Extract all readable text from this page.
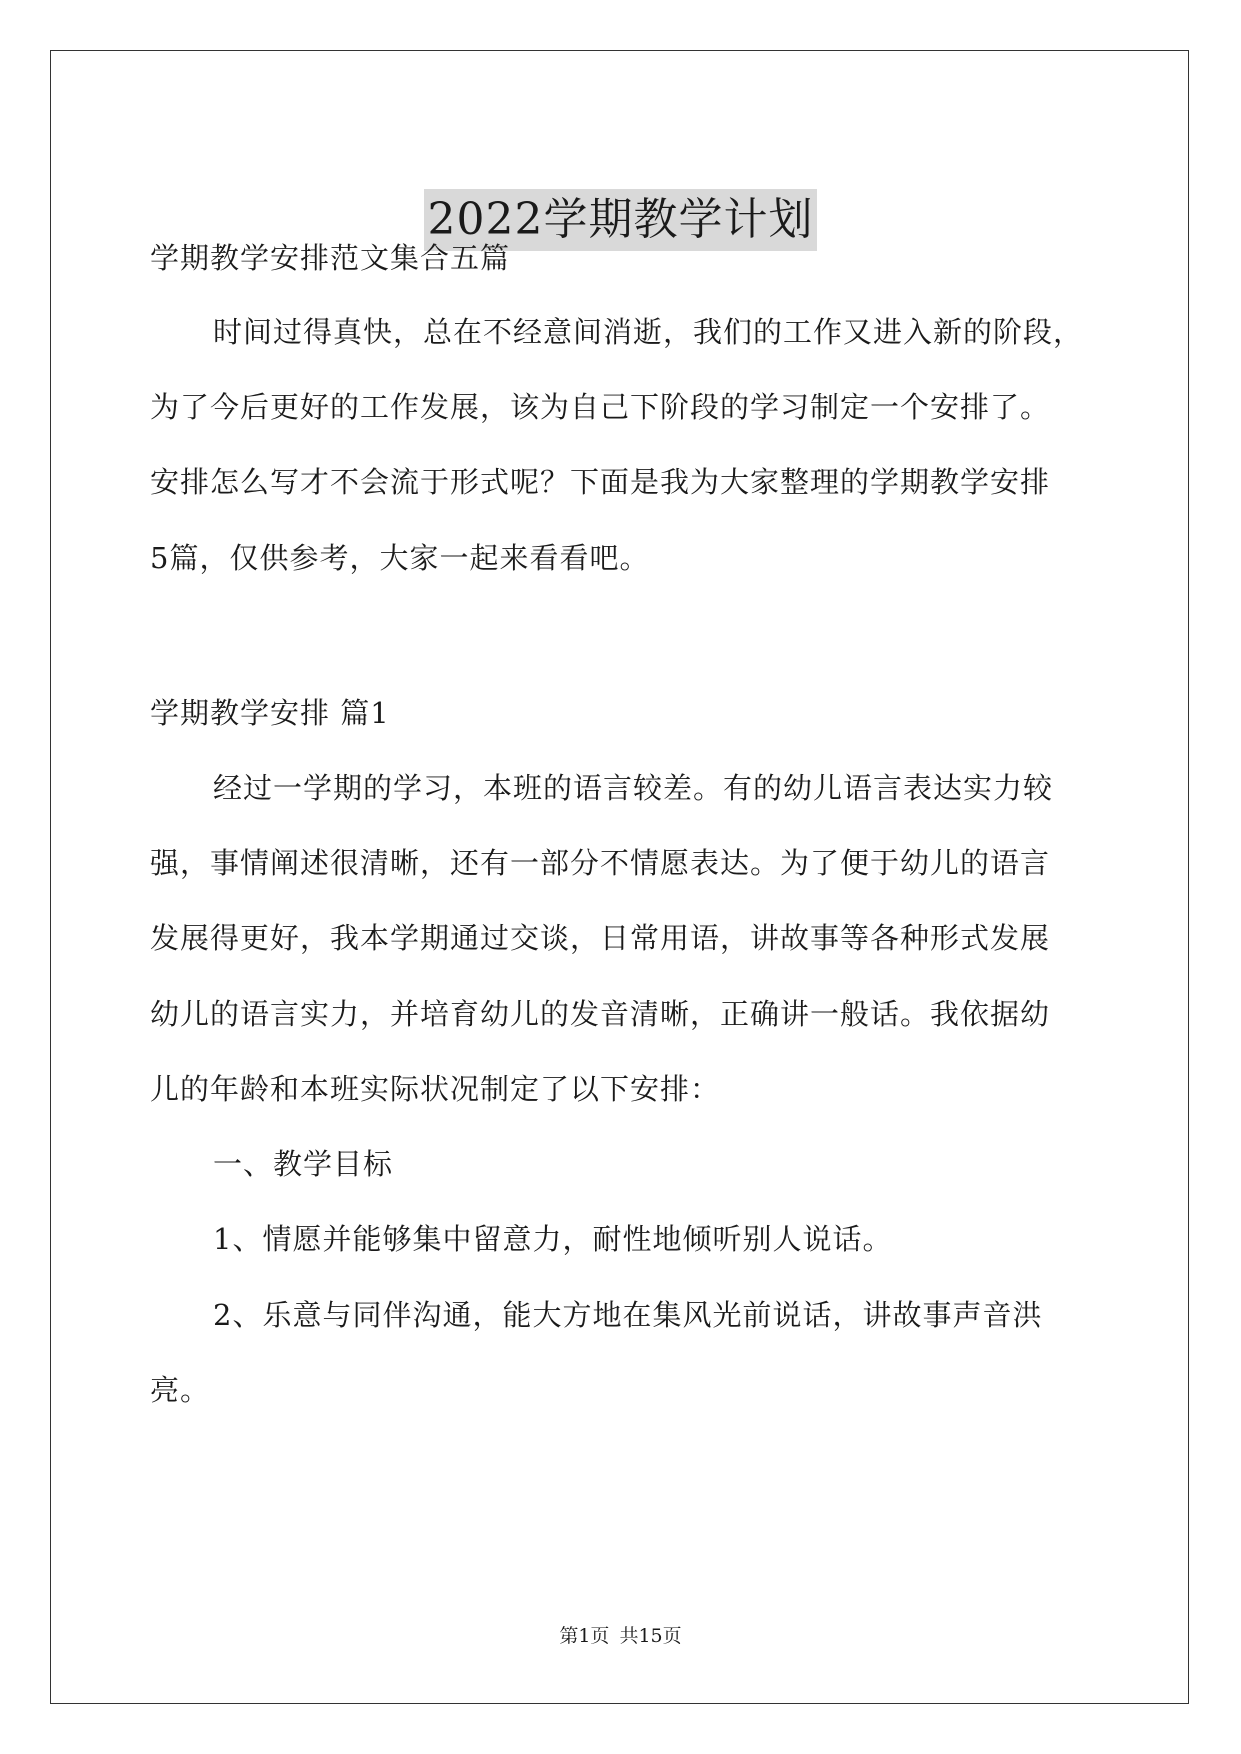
2022学期教学计划
学期教学安排范文集合五篇
时间过得真快，总在不经意间消逝，我们的工作又进入新的阶段，
为了今后更好的工作发展，该为自己下阶段的学习制定一个安排了。
安排怎么写才不会流于形式呢？下面是我为大家整理的学期教学安排
5篇，仅供参考，大家一起来看看吧。
学期教学安排 篇1
经过一学期的学习，本班的语言较差。有的幼儿语言表达实力较
强，事情阐述很清晰，还有一部分不情愿表达。为了便于幼儿的语言
发展得更好，我本学期通过交谈，日常用语，讲故事等各种形式发展
幼儿的语言实力，并培育幼儿的发音清晰，正确讲一般话。我依据幼
儿的年龄和本班实际状况制定了以下安排：
一、教学目标
1、情愿并能够集中留意力，耐性地倾听别人说话。
2、乐意与同伴沟通，能大方地在集风光前说话，讲故事声音洪
亮。
第1页 共15页
